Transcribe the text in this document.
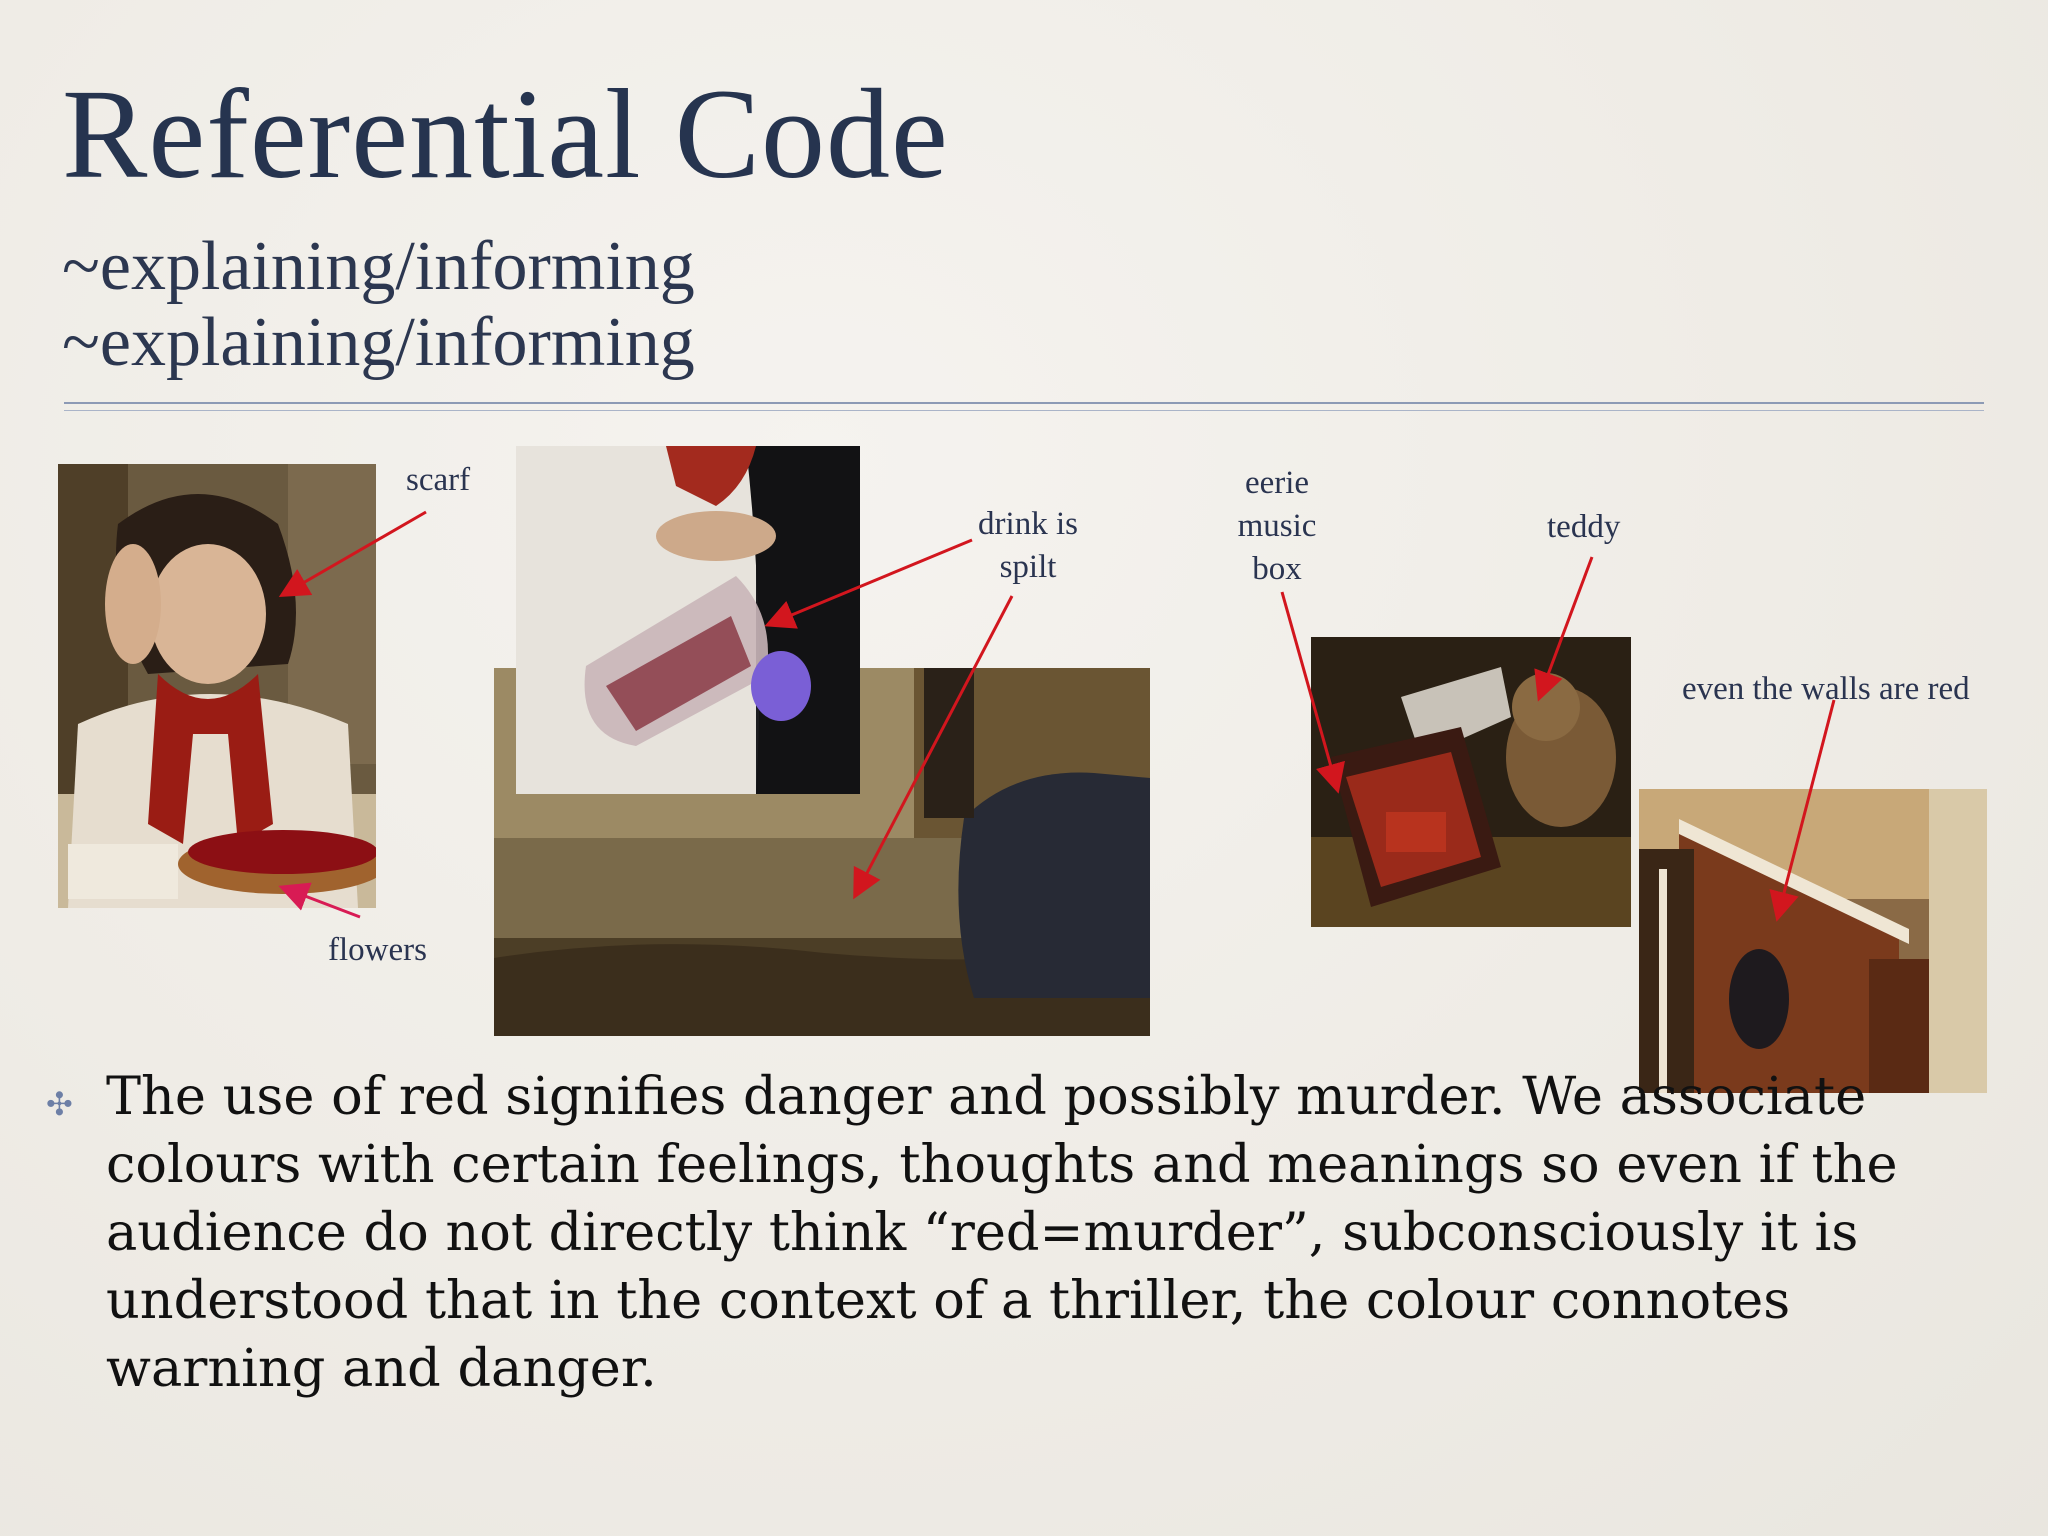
Referential Code
~explaining/informing
~explaining/informing
scarf
flowers
drink is
spilt
eerie
music
box
teddy
even the walls are red
✣ The use of red signifies danger and possibly murder. We associate
colours with certain feelings, thoughts and meanings so even if the
audience do not directly think “red=murder”, subconsciously it is
understood that in the context of a thriller, the colour connotes
warning and danger.
